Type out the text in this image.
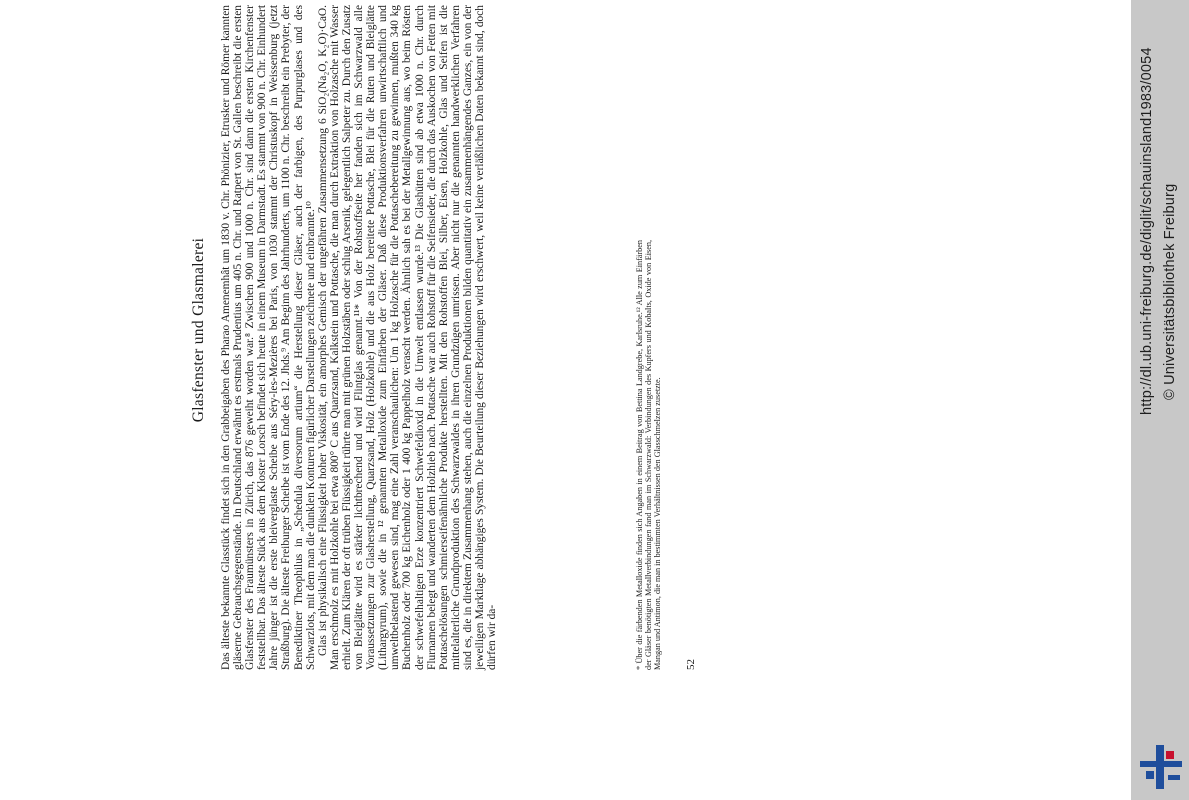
Glasfenster und Glasmalerei Das älteste bekannte Glasstück findet sich in den Grabbeigaben des Pharao Amenemhât um 1830 v. Chr. Phönizier, Etrusker und Römer kannten gläserne Gebrauchsgegenstände. In Deutschland erwähnt es erstmals Prudentius um 405 n. Chr. und Ratpert von St. Gallen beschreibt die ersten Glasfenster des Fraumünsters in Zürich, das 876 geweiht worden war.⁸ Zwischen 900 und 1000 n. Chr. sind dann die ersten Kirchenfenster feststellbar. Das älteste Stück aus dem Kloster Lorsch befindet sich heute in einem Museum in Darmstadt. Es stammt von 900 n. Chr. Einhundert Jahre jünger ist die erste bleiverglaste Scheibe aus Séry-les-Mezières bei Paris, von 1030 stammt der Christuskopf in Weissenburg (jetzt Straßburg). Die älteste Freiburger Scheibe ist vom Ende des 12. Jhds.⁹ Am Beginn des Jahrhunderts, um 1100 n. Chr. beschreibt ein Prebyter, der Benediktiner Theophilus in „Schedula diversorum artium“ die Herstellung dieser Gläser, auch der farbigen, des Purpurglases und des Schwarzlots, mit dem man die dunklen Konturen figürlicher Darstellungen zeichnete und einbrannte.¹⁰ Glas ist physikalisch eine Flüssigkeit hoher Viskosität, ein amorphes Gemisch der ungefähren Zusammensetzung 6 SiO₂(Na₂O, K₂O)·CaO. Man erschmolz es mit Holzkohle bei etwa 800° C aus Quarzsand, Kalkstein und Pottasche, die man durch Extraktion von Holzasche mit Wasser erhielt. Zum Klären der oft trüben Flüssigkeit rührte man mit grünen Holzstäben oder schlug Arsenik, gelegentlich Salpeter zu. Durch den Zusatz von Bleiglätte wird es stärker lichtbrechend und wird Flintglas genannt.¹¹* Von der Rohstoffseite her fanden sich im Schwarzwald alle Voraussetzungen zur Glasherstellung, Quarzsand, Holz (Holzkohle) und die aus Holz bereitete Pottasche, Blei für die Ruten und Bleiglätte (Lithargyrum), sowie die in ¹² genannten Metalloxide zum Einfärben der Gläser. Daß diese Produktionsverfahren unwirtschaftlich und umweltbelastend gewesen sind, mag eine Zahl veranschaulichen: Um 1 kg Holzasche für die Pottaschebereitung zu gewinnen, mußten 340 kg Buchenholz oder 700 kg Eichenholz oder 1 400 kg Pappelholz verascht werden. Ähnlich sah es bei der Metallgewinnung aus, wo beim Rösten der schwefelhaltigen Erze konzentriert Schwefeldioxid in die Umwelt entlassen wurde.¹³ Die Glashütten sind ab etwa 1000 n. Chr. durch Flurnamen belegt und wanderten dem Holzhieb nach. Pottasche war auch Rohstoff für die Seifensieder, die durch das Auskochen von Fetten mit Pottaschelösungen schmierseifenähnliche Produkte herstellten. Mit den Rohstoffen Blei, Silber, Eisen, Holzkohle, Glas und Seifen ist die mittelalterliche Grundproduktion des Schwarzwaldes in ihren Grundzügen umrissen. Aber nicht nur die genannten handwerklichen Verfahren sind es, die in direktem Zusammenhang stehen, auch die einzelnen Produktionen bilden quantitativ ein zusammenhängendes Ganzes, ein von der jeweiligen Marktlage abhängiges System. Die Beurteilung dieser Beziehungen wird erschwert, weil keine verläßlichen Daten bekannt sind, doch dürfen wir da-	* Über die färbenden Metalloxide finden sich Angaben in einem Beitrag von Bettina Landgrebe, Karlsruhe.¹² Alle zum Einfärben der Gläser benötigten Metallverbindungen fand man im Schwarzwald: Verbindungen des Kupfers und Kobalts, Oxide von Eisen, Mangan und Antimon, die man in bestimmten Verhältnissen den Glasschmelzen zusetzte. 52
http://dl.ub.uni-freiburg.de/diglit/schauinsland1983/0054 © Universitätsbibliothek Freiburg
